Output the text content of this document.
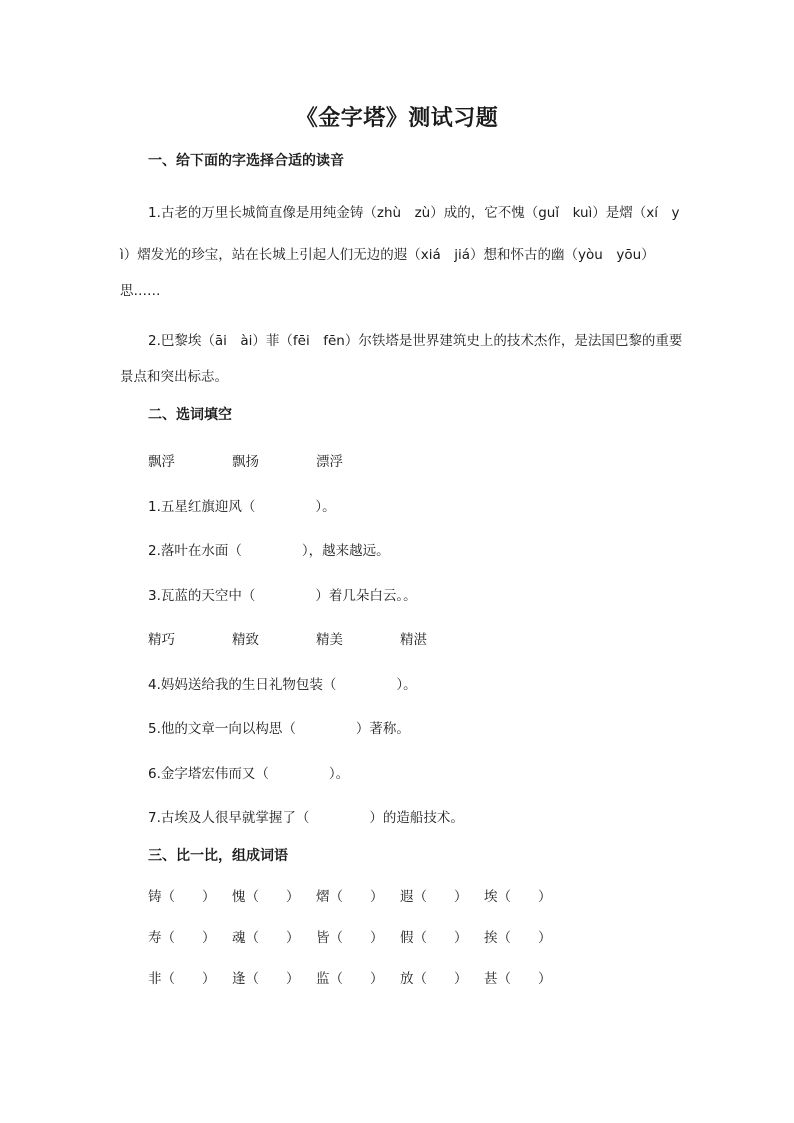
《金字塔》测试习题
一、给下面的字选择合适的读音
1.古老的万里长城简直像是用纯金铸（zhù　zù）成的，它不愧（guǐ　kuì）是熠（xí　y
ì）熠发光的珍宝，站在长城上引起人们无边的遐（xiá　jiá）想和怀古的幽（yòu　yōu）
思……
2.巴黎埃（āi　ài）菲（fēi　fēn）尔铁塔是世界建筑史上的技术杰作，是法国巴黎的重要
景点和突出标志。
二、选词填空
飘浮	飘扬	漂浮
1.五星红旗迎风（	）。
2.落叶在水面（	），越来越远。
3.瓦蓝的天空中（	）着几朵白云。。
精巧	精致	精美	精湛
4.妈妈送给我的生日礼物包装（	）。
5.他的文章一向以构思（	）著称。
6.金字塔宏伟而又（	）。
7.古埃及人很早就掌握了（	）的造船技术。
三、比一比，组成词语
铸（　　） 愧（　　） 熠（　　） 遐（　　） 埃（　　）
寿（　　） 魂（　　） 皆（　　） 假（　　） 挨（　　）
非（　　） 逢（　　） 监（　　） 放（　　） 甚（　　）
